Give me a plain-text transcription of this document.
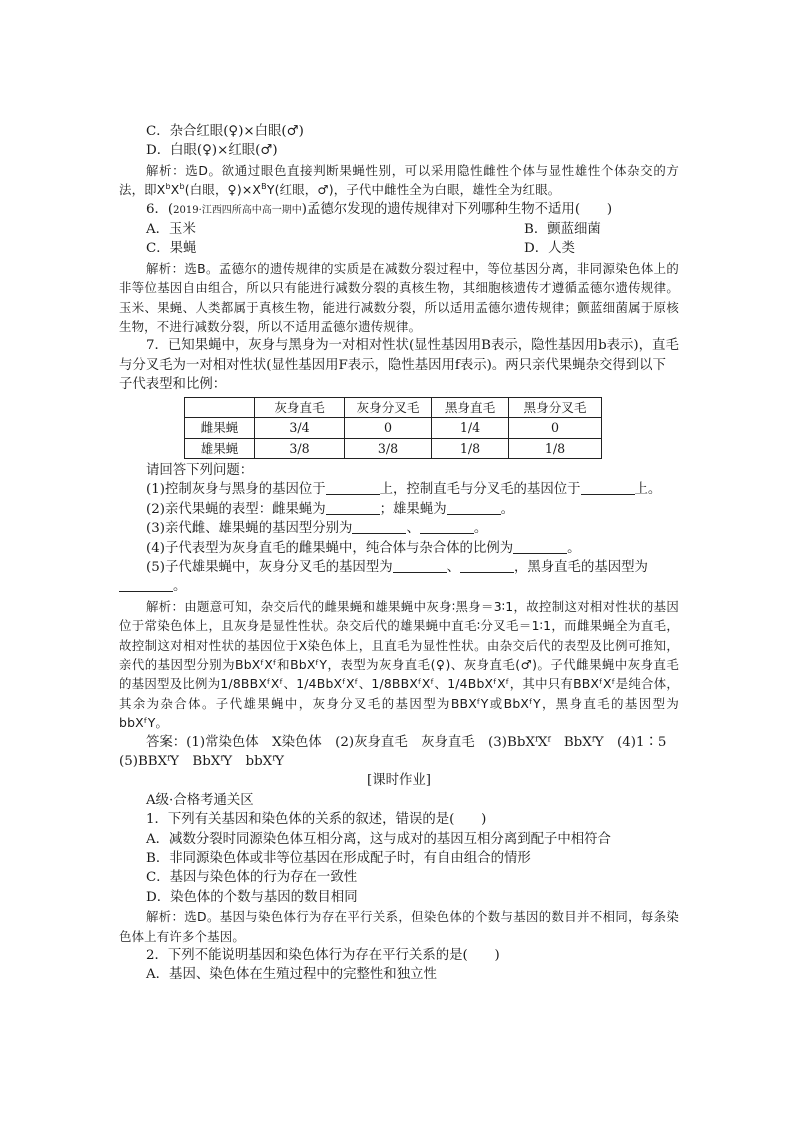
C．杂合红眼(♀)×白眼(♂)

D．白眼(♀)×红眼(♂)

解析：选D。欲通过眼色直接判断果蝇性别，可以采用隐性雌性个体与显性雄性个体杂交的方法，即$X^bX^b$(白眼，$♀)\times X^BY$(红眼，♂)，子代中雌性全为白眼，雄性全为红眼。

6．(2019·江西四所高中高一期中)孟德尔发现的遗传规律对下列哪种生物不适用(　　)

A．玉米	B．颤蓝细菌
C．果蝇	D．人类

解析：选B。孟德尔的遗传规律的实质是在减数分裂过程中，等位基因分离，非同源染色体上的非等位基因自由组合，所以只有能进行减数分裂的真核生物，其细胞核遗传才遵循孟德尔遗传规律。玉米、果蝇、人类都属于真核生物，能进行减数分裂，所以适用孟德尔遗传规律；颤蓝细菌属于原核生物，不进行减数分裂，所以不适用孟德尔遗传规律。

7．已知果蝇中，灰身与黑身为一对相对性状(显性基因用B表示，隐性基因用b表示)，直毛与分叉毛为一对相对性状(显性基因用F表示，隐性基因用f表示)。两只亲代果蝇杂交得到以下子代表型和比例：

	灰身直毛	灰身分叉毛	黑身直毛	黑身分叉毛
雌果蝇	3/4	0	1/4	0
雄果蝇	3/8	3/8	1/8	1/8

请回答下列问题：

(1)控制灰身与黑身的基因位于	上，控制直毛与分叉毛的基因位于	上。

(2)亲代果蝇的表型：雌果蝇为	；雄果蝇为	。

(3)亲代雌、雄果蝇的基因型分别为	、	。

(4)子代表型为灰身直毛的雌果蝇中，纯合体与杂合体的比例为	。

(5)子代雄果蝇中，灰身分叉毛的基因型为	、	，黑身直毛的基因型为。

解析：由题意可知，杂交后代的雌果蝇和雄果蝇中灰身∶黑身＝3∶1，故控制这对相对性状的基因位于常染色体上，且灰身是显性性状。杂交后代的雄果蝇中直毛∶分叉毛＝1∶1，而雌果蝇全为直毛，故控制这对相对性状的基因位于X染色体上，且直毛为显性性状。由杂交后代的表型及比例可推知，亲代的基因型分别为BbXᶠXᶠ和BbXᶠY，表型为灰身直毛(♀)、灰身直毛(♂)。子代雌果蝇中灰身直毛的基因型及比例为1/8BBXᶠXᶠ、1/4BbXᶠXᶠ、1/8BBXᶠXᶠ、1/4BbXᶠXᶠ，其中只有BBXᶠXᶠ是纯合体，其余为杂合体。子代雄果蝇中，灰身分叉毛的基因型为BBXᶠY或BbXᶠY，黑身直毛的基因型为bbXᶠY。

答案：(1)常染色体　X染色体　(2)灰身直毛　灰身直毛　(3)BbXᶠXᶠ　BbXᶠY　(4)1∶5

(5)BBXᶠY　BbXᶠY　bbXᶠY

[课时作业]

A级·合格考通关区

1．下列有关基因和染色体的关系的叙述，错误的是(　　)

A．减数分裂时同源染色体互相分离，这与成对的基因互相分离到配子中相符合

B．非同源染色体或非等位基因在形成配子时，有自由组合的情形

C．基因与染色体的行为存在一致性

D．染色体的个数与基因的数目相同

解析：选D。基因与染色体行为存在平行关系，但染色体的个数与基因的数目并不相同，每条染色体上有许多个基因。

2．下列不能说明基因和染色体行为存在平行关系的是(　　)

A．基因、染色体在生殖过程中的完整性和独立性
